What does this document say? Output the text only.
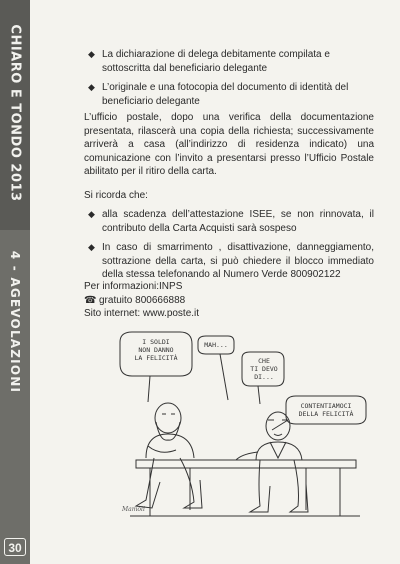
CHIARO E TONDO 2013
4 - AGEVOLAZIONI
30
◆ La dichiarazione di delega debitamente compilata e sottoscritta dal beneficiario delegante
◆ L’originale e una fotocopia del documento di identità del beneficiario delegante

L’ufficio postale, dopo una verifica della documentazione presentata, rilascerà una copia della richiesta; successivamente arriverà a casa (all’indirizzo di residenza indicato) una comunicazione con l’invito a presentarsi presso l’Ufficio Postale abilitato per il ritiro della carta.

Si ricorda che:

◆ alla scadenza dell’attestazione ISEE, se non rinnovata, il contributo della Carta Acquisti sarà sospeso
◆ In caso di smarrimento , disattivazione, danneggiamento, sottrazione della carta, si può chiedere il blocco immediato della stessa telefonando al Numero Verde 800902122
Per informazioni:INPS
☎ gratuito 800666888
Sito internet: www.poste.it
I SOLDI
NON DANNO
LA FELICITÀ
MAH...
CHE
TI DEVO
DI...
CONTENTIAMOCI
DELLA FELICITÀ
Mamoli
